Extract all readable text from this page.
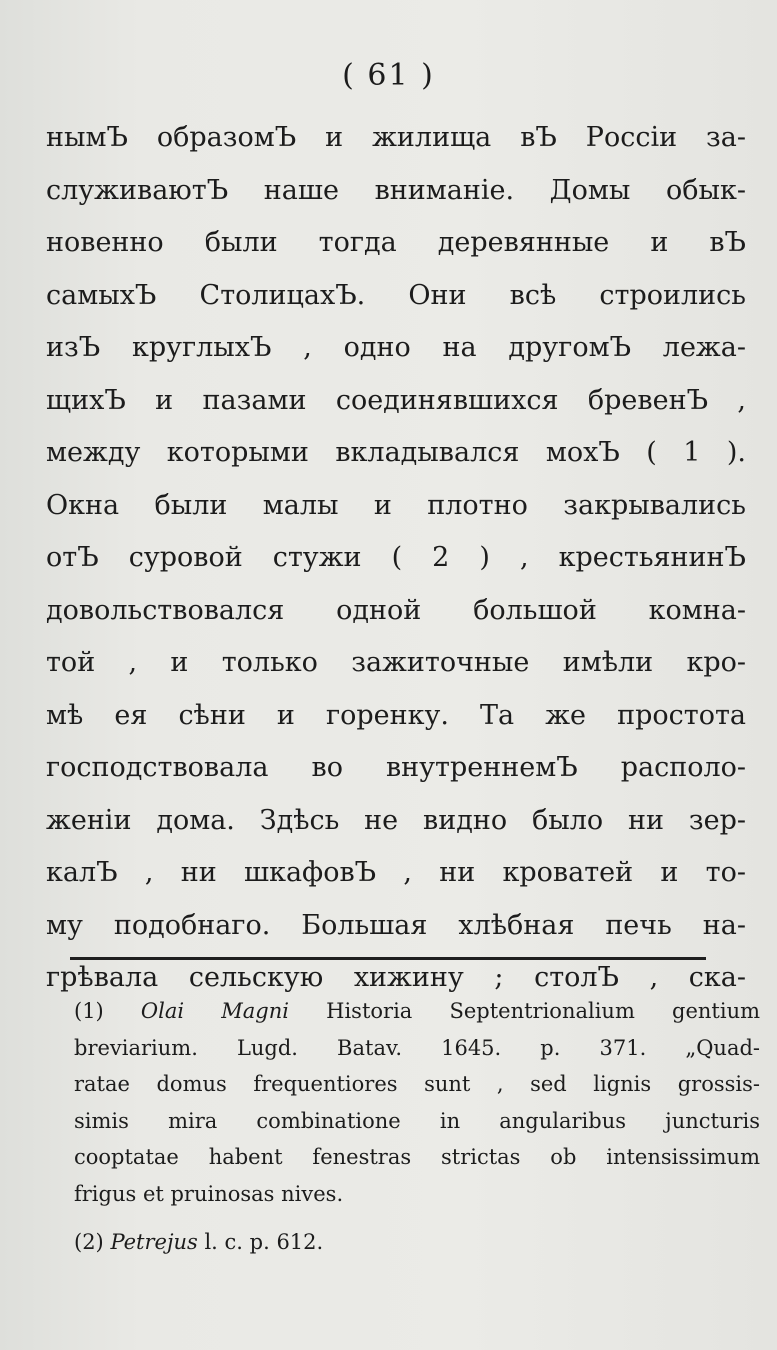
( 61 )
нымЪ образомЪ и жилища вЪ Россіи за-
служиваютЪ наше вниманіе. Домы обык-
новенно были тогда деревянные и вЪ
самыхЪ СтолицахЪ. Они всѣ строились
изЪ круглыхЪ , одно на другомЪ лежа-
щихЪ и пазами соединявшихся бревенЪ ,
между которыми вкладывался мохЪ ( 1 ).
Окна были малы и плотно закрывались
отЪ суровой стужи ( 2 ) , крестьянинЪ
довольствовался одной большой комна-
той , и только зажиточные имѣли кро-
мѣ ея сѣни и горенку. Та же простота
господствовала во внутреннемЪ располо-
женіи дома. Здѣсь не видно было ни зер-
калЪ , ни шкафовЪ , ни кроватей и то-
му подобнаго. Большая хлѣбная печь на-
грѣвала сельскую хижину ; столЪ , ска-
(1) Olai Magni Historia Septentrionalium gentium
breviarium. Lugd. Batav. 1645. p. 371. „Quad-
ratae domus frequentiores sunt , sed lignis grossis-
simis mira combinatione in angularibus juncturis
cooptatae habent fenestras strictas ob intensissimum
frigus et pruinosas nives.
(2) Petrejus l. c. p. 612.
